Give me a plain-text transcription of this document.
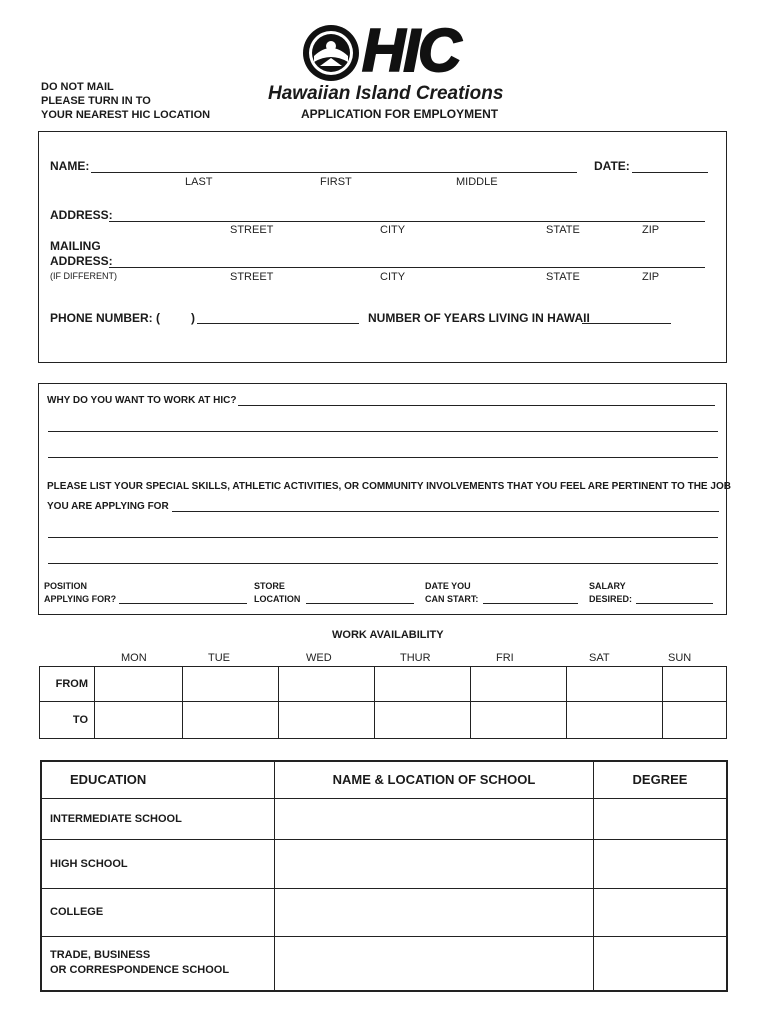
DO NOT MAIL
PLEASE TURN IN TO
YOUR NEAREST HIC LOCATION
HIC
Hawaiian Island Creations
APPLICATION FOR EMPLOYMENT
NAME:	DATE:
LAST	FIRST	MIDDLE
ADDRESS:
STREET	CITY	STATE	ZIP
MAILING
ADDRESS:
(IF DIFFERENT)	STREET	CITY	STATE	ZIP
PHONE NUMBER: (	)	NUMBER OF YEARS LIVING IN HAWAII
WHY DO YOU WANT TO WORK AT HIC?
PLEASE LIST YOUR SPECIAL SKILLS, ATHLETIC ACTIVITIES, OR COMMUNITY INVOLVEMENTS THAT YOU FEEL ARE PERTINENT TO THE JOB
YOU ARE APPLYING FOR
POSITION
APPLYING FOR?
STORE
LOCATION
DATE YOU
CAN START:
SALARY
DESIRED:
WORK AVAILABILITY
MON	TUE	WED	THUR	FRI	SAT	SUN
FROM							
TO							
EDUCATION	NAME & LOCATION OF SCHOOL	DEGREE
INTERMEDIATE SCHOOL		
HIGH SCHOOL		
COLLEGE		

TRADE, BUSINESS
OR CORRESPONDENCE SCHOOL		
